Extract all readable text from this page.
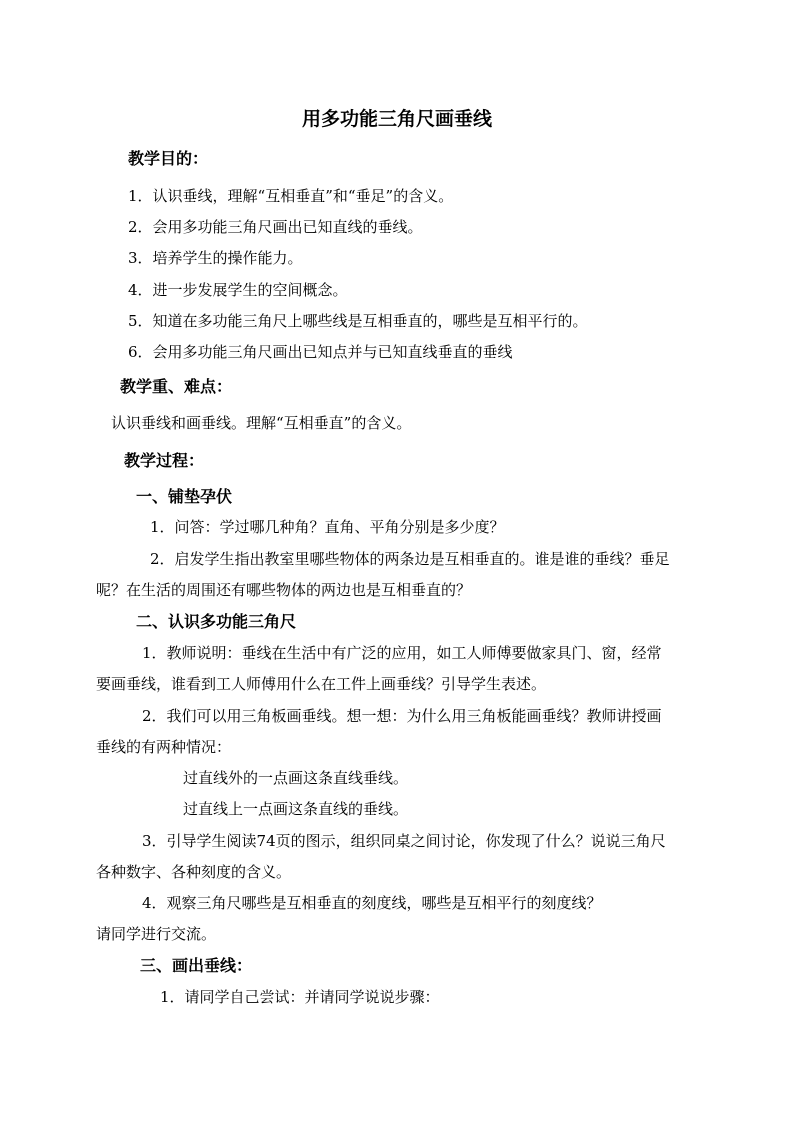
用多功能三角尺画垂线
教学目的：
1．认识垂线，理解“互相垂直”和“垂足”的含义。
2．会用多功能三角尺画出已知直线的垂线。
3．培养学生的操作能力。
4．进一步发展学生的空间概念。
5．知道在多功能三角尺上哪些线是互相垂直的，哪些是互相平行的。
6．会用多功能三角尺画出已知点并与已知直线垂直的垂线
教学重、难点：
认识垂线和画垂线。理解“互相垂直”的含义。
教学过程：
一、铺垫孕伏
1．问答：学过哪几种角？直角、平角分别是多少度？
2．启发学生指出教室里哪些物体的两条边是互相垂直的。谁是谁的垂线？垂足
呢？在生活的周围还有哪些物体的两边也是互相垂直的？
二、认识多功能三角尺
1．教师说明：垂线在生活中有广泛的应用，如工人师傅要做家具门、窗，经常
要画垂线，谁看到工人师傅用什么在工件上画垂线？引导学生表述。
2．我们可以用三角板画垂线。想一想：为什么用三角板能画垂线？教师讲授画
垂线的有两种情况：
过直线外的一点画这条直线垂线。
过直线上一点画这条直线的垂线。
3．引导学生阅读74页的图示，组织同桌之间讨论，你发现了什么？说说三角尺
各种数字、各种刻度的含义。
4．观察三角尺哪些是互相垂直的刻度线，哪些是互相平行的刻度线？
请同学进行交流。
三、画出垂线：
1．请同学自己尝试：并请同学说说步骤：
